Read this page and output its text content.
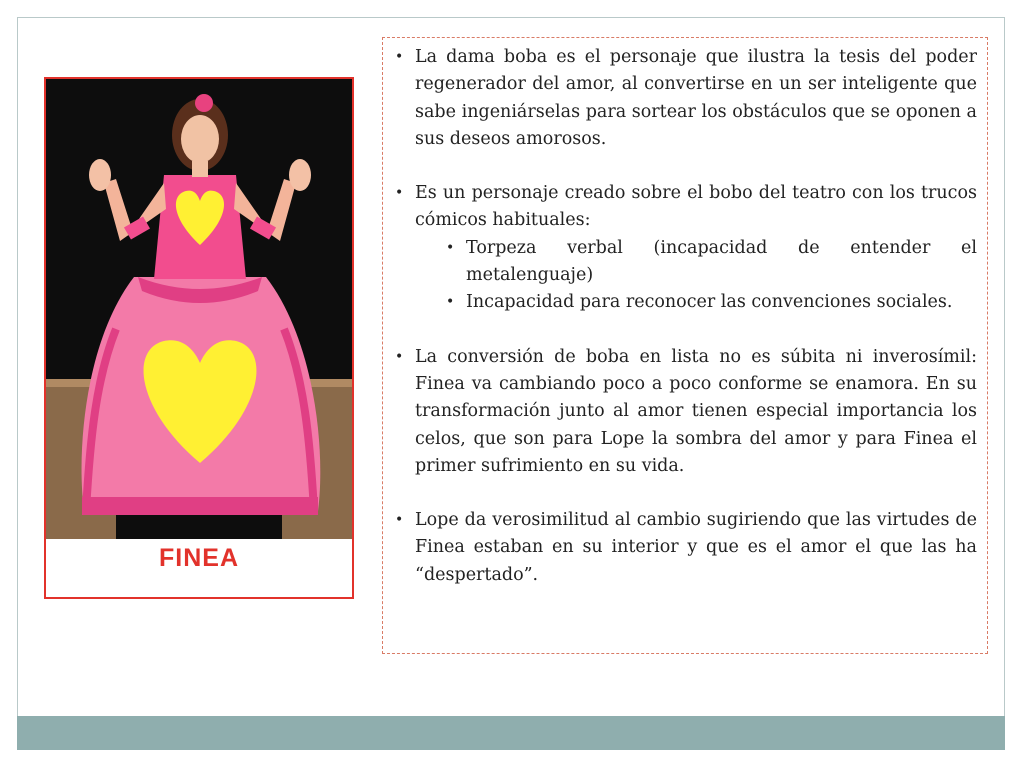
FINEA
• La dama boba es el personaje que ilustra la tesis del poder regenerador del amor, al convertirse en un ser inteligente que sabe ingeniárselas para sortear los obstáculos que se oponen a sus deseos amorosos.
• Es un personaje creado sobre el bobo del teatro con los trucos cómicos habituales:
• Torpeza verbal (incapacidad de entender el metalenguaje)
• Incapacidad para reconocer las convenciones sociales.
• La conversión de boba en lista no es súbita ni inverosímil: Finea va cambiando poco a poco conforme se enamora. En su transformación junto al amor tienen especial importancia los celos, que son para Lope la sombra del amor y para Finea el primer sufrimiento en su vida.
• Lope da verosimilitud al cambio sugiriendo que las virtudes de Finea estaban en su interior y que es el amor el que las ha “despertado”.
